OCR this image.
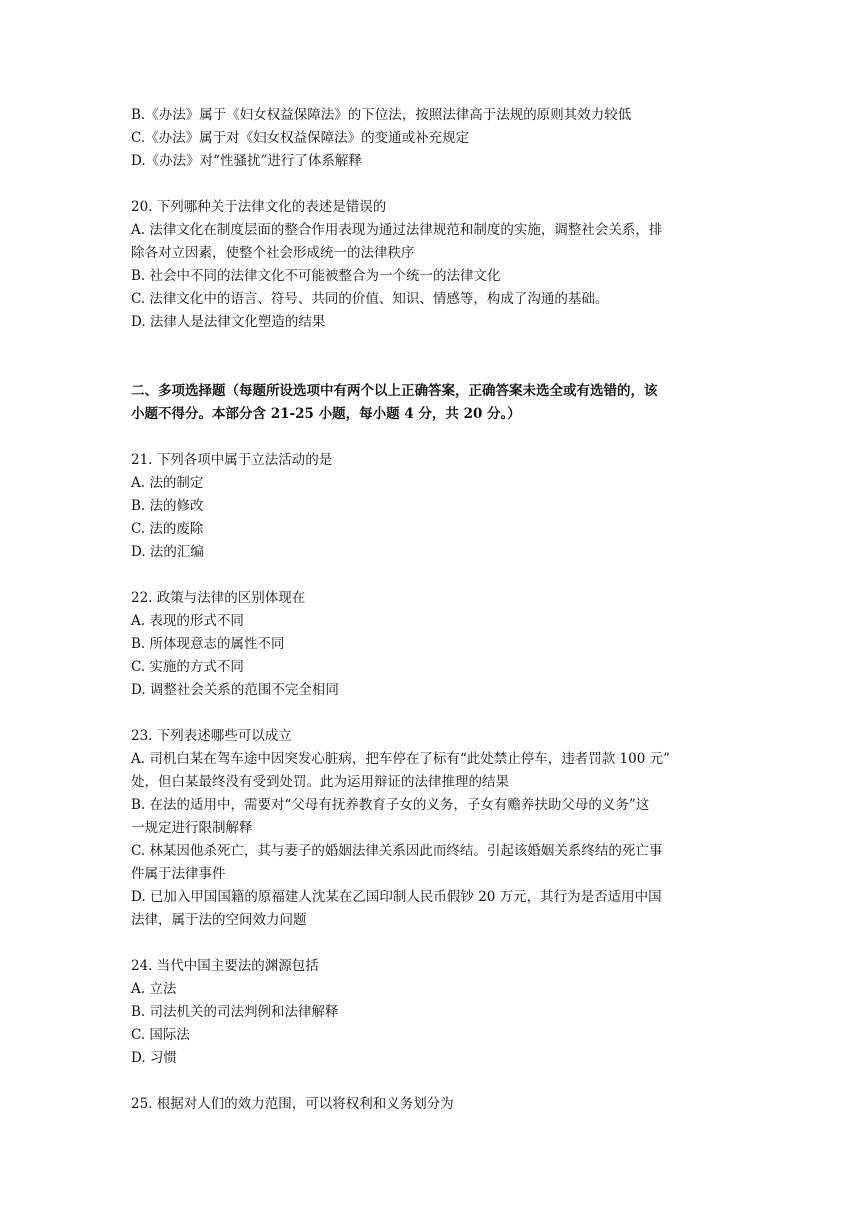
B.《办法》属于《妇女权益保障法》的下位法，按照法律高于法规的原则其效力较低
C.《办法》属于对《妇女权益保障法》的变通或补充规定
D.《办法》对“性骚扰”进行了体系解释
20. 下列哪种关于法律文化的表述是错误的
A. 法律文化在制度层面的整合作用表现为通过法律规范和制度的实施，调整社会关系，排
除各对立因素，使整个社会形成统一的法律秩序
B. 社会中不同的法律文化不可能被整合为一个统一的法律文化
C. 法律文化中的语言、符号、共同的价值、知识、情感等，构成了沟通的基础。
D. 法律人是法律文化塑造的结果
二、多项选择题（每题所设选项中有两个以上正确答案，正确答案未选全或有选错的，该
小题不得分。本部分含 21-25 小题，每小题 4 分，共 20 分。）
21. 下列各项中属于立法活动的是
A. 法的制定
B. 法的修改
C. 法的废除
D. 法的汇编
22. 政策与法律的区别体现在
A. 表现的形式不同
B. 所体现意志的属性不同
C. 实施的方式不同
D. 调整社会关系的范围不完全相同
23. 下列表述哪些可以成立
A. 司机白某在驾车途中因突发心脏病，把车停在了标有“此处禁止停车，违者罚款 100 元”
处，但白某最终没有受到处罚。此为运用辩证的法律推理的结果
B. 在法的适用中，需要对“父母有抚养教育子女的义务，子女有赡养扶助父母的义务”这
一规定进行限制解释
C. 林某因他杀死亡，其与妻子的婚姻法律关系因此而终结。引起该婚姻关系终结的死亡事
件属于法律事件
D. 已加入甲国国籍的原福建人沈某在乙国印制人民币假钞 20 万元，其行为是否适用中国
法律，属于法的空间效力问题
24. 当代中国主要法的渊源包括
A. 立法
B. 司法机关的司法判例和法律解释
C. 国际法
D. 习惯
25. 根据对人们的效力范围，可以将权利和义务划分为
